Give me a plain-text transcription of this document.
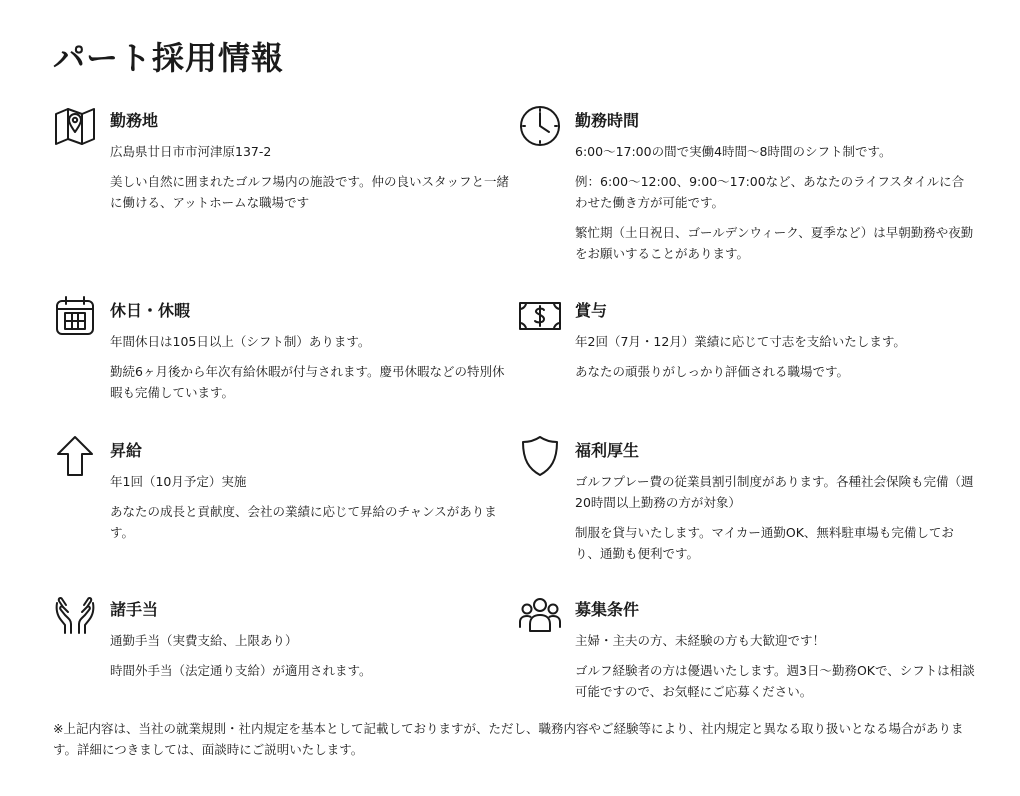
パート採用情報
勤務地

広島県廿日市市河津原137-2

美しい自然に囲まれたゴルフ場内の施設です。仲の良いスタッフと一緒に働ける、アットホームな職場です

休日・休暇

年間休日は105日以上（シフト制）あります。

勤続6ヶ月後から年次有給休暇が付与されます。慶弔休暇などの特別休暇も完備しています。

昇給

年1回（10月予定）実施

あなたの成長と貢献度、会社の業績に応じて昇給のチャンスがあります。

諸手当

通勤手当（実費支給、上限あり）

時間外手当（法定通り支給）が適用されます。

勤務時間

6:00〜17:00の間で実働4時間〜8時間のシフト制です。

例：6:00〜12:00、9:00〜17:00など、あなたのライフスタイルに合わせた働き方が可能です。

繁忙期（土日祝日、ゴールデンウィーク、夏季など）は早朝勤務や夜勤をお願いすることがあります。

賞与

年2回（7月・12月）業績に応じて寸志を支給いたします。

あなたの頑張りがしっかり評価される職場です。

福利厚生

ゴルフプレー費の従業員割引制度があります。各種社会保険も完備（週20時間以上勤務の方が対象）

制服を貸与いたします。マイカー通勤OK、無料駐車場も完備しており、通勤も便利です。

募集条件

主婦・主夫の方、未経験の方も大歓迎です！

ゴルフ経験者の方は優遇いたします。週3日〜勤務OKで、シフトは相談可能ですので、お気軽にご応募ください。

※上記内容は、当社の就業規則・社内規定を基本として記載しておりますが、ただし、職務内容やご経験等により、社内規定と異なる取り扱いとなる場合があります。詳細につきましては、面談時にご説明いたします。
